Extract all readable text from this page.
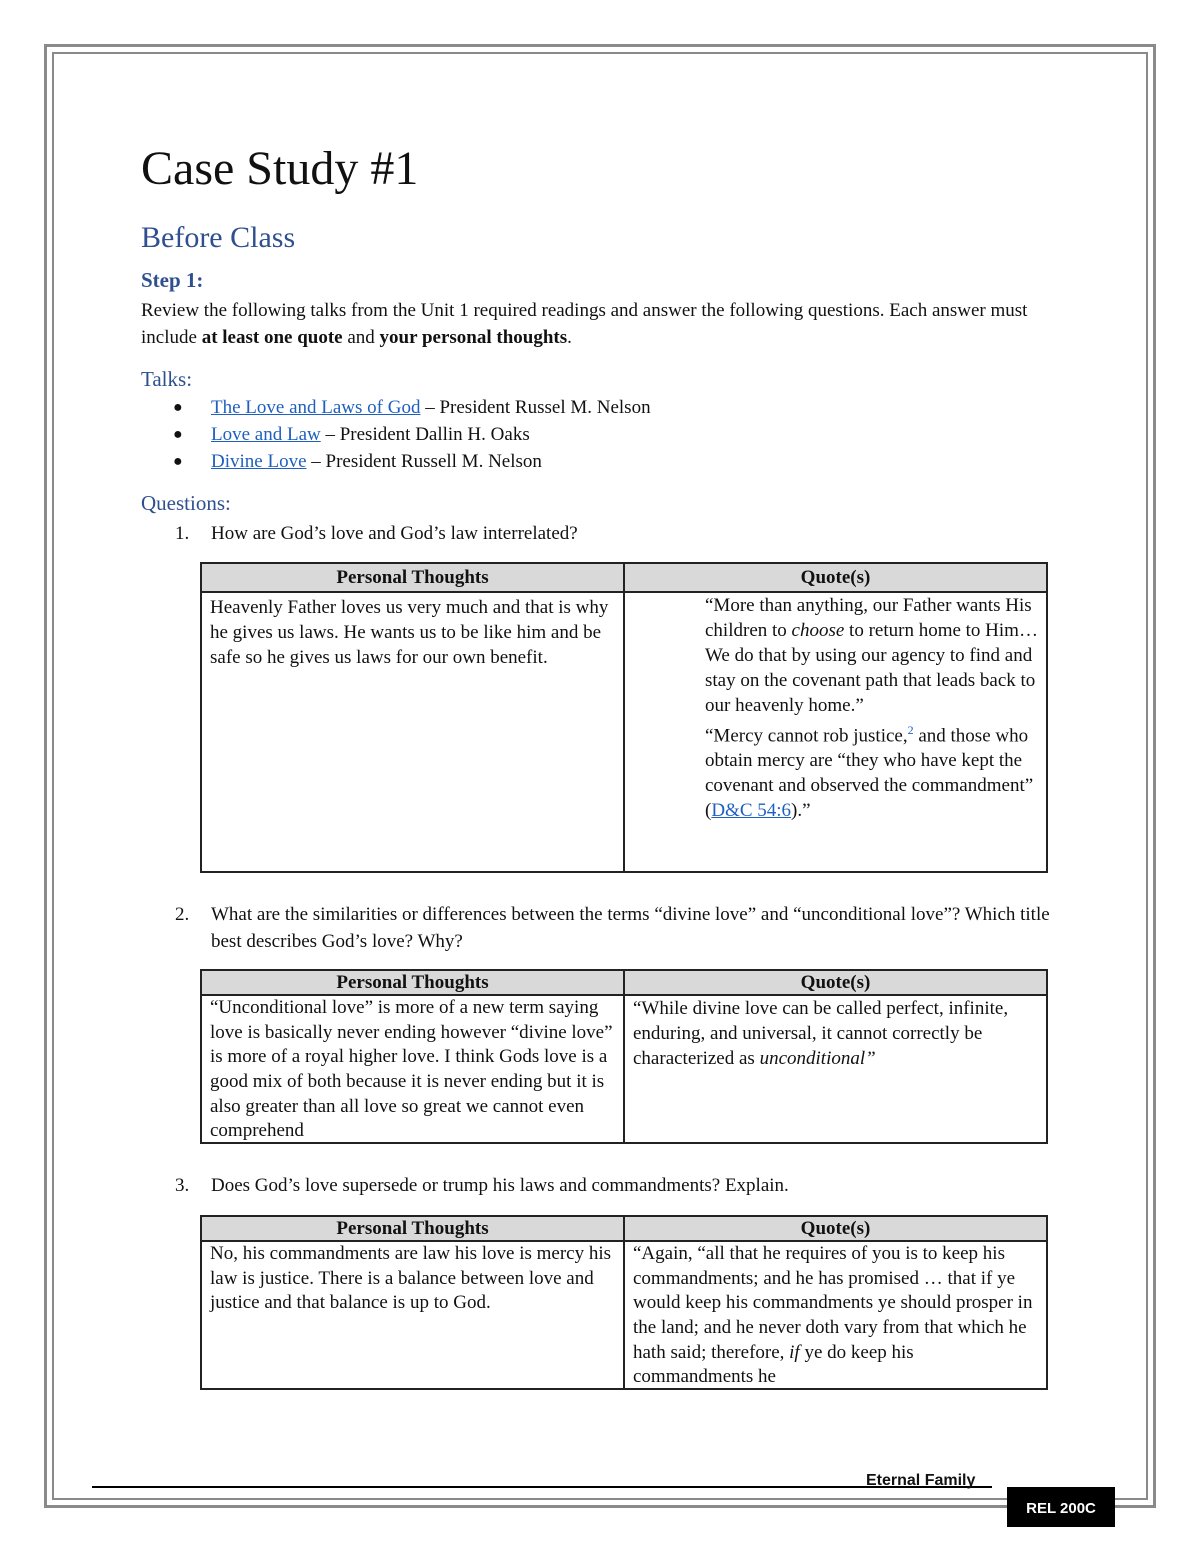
Case Study #1
Before Class
Step 1:

Review the following talks from the Unit 1 required readings and answer the following questions. Each answer must include at least one quote and your personal thoughts.

Talks:
● The Love and Laws of God – President Russel M. Nelson
● Love and Law – President Dallin H. Oaks
● Divine Love – President Russell M. Nelson
Questions:
1. How are God’s love and God’s law interrelated?
Personal Thoughts	Quote(s)
Heavenly Father loves us very much and that is why he gives us laws. He wants us to be like him and be safe so he gives us laws for our own benefit.	“More than anything, our Father wants His children to choose to return home to Him… We do that by using our agency to find and stay on the covenant path that leads back to our heavenly home.”
“Mercy cannot rob justice,$^2$ and those who obtain mercy are “they who have kept the covenant and observed the commandment” (D&C 54:6).”
2. What are the similarities or differences between the terms “divine love” and “unconditional love”? Which title best describes God’s love? Why?
Personal Thoughts	Quote(s)

“Unconditional love” is more of a new term saying love is basically never ending however “divine love” is more of a royal higher love. I think Gods love is a good mix of both because it is never ending but it is also greater than all love so great we cannot even comprehend	“While divine love can be called perfect, infinite, enduring, and universal, it cannot correctly be characterized as unconditional”
3. Does God’s love supersede or trump his laws and commandments? Explain.
Personal Thoughts	Quote(s)
No, his commandments are law his love is mercy his law is justice. There is a balance between love and justice and that balance is up to God.	“Again, “all that he requires of you is to keep his commandments; and he has promised … that if ye would keep his commandments ye should prosper in the land; and he never doth vary from that which he hath said; therefore, if ye do keep his commandments he
Eternal Family
REL 200C
